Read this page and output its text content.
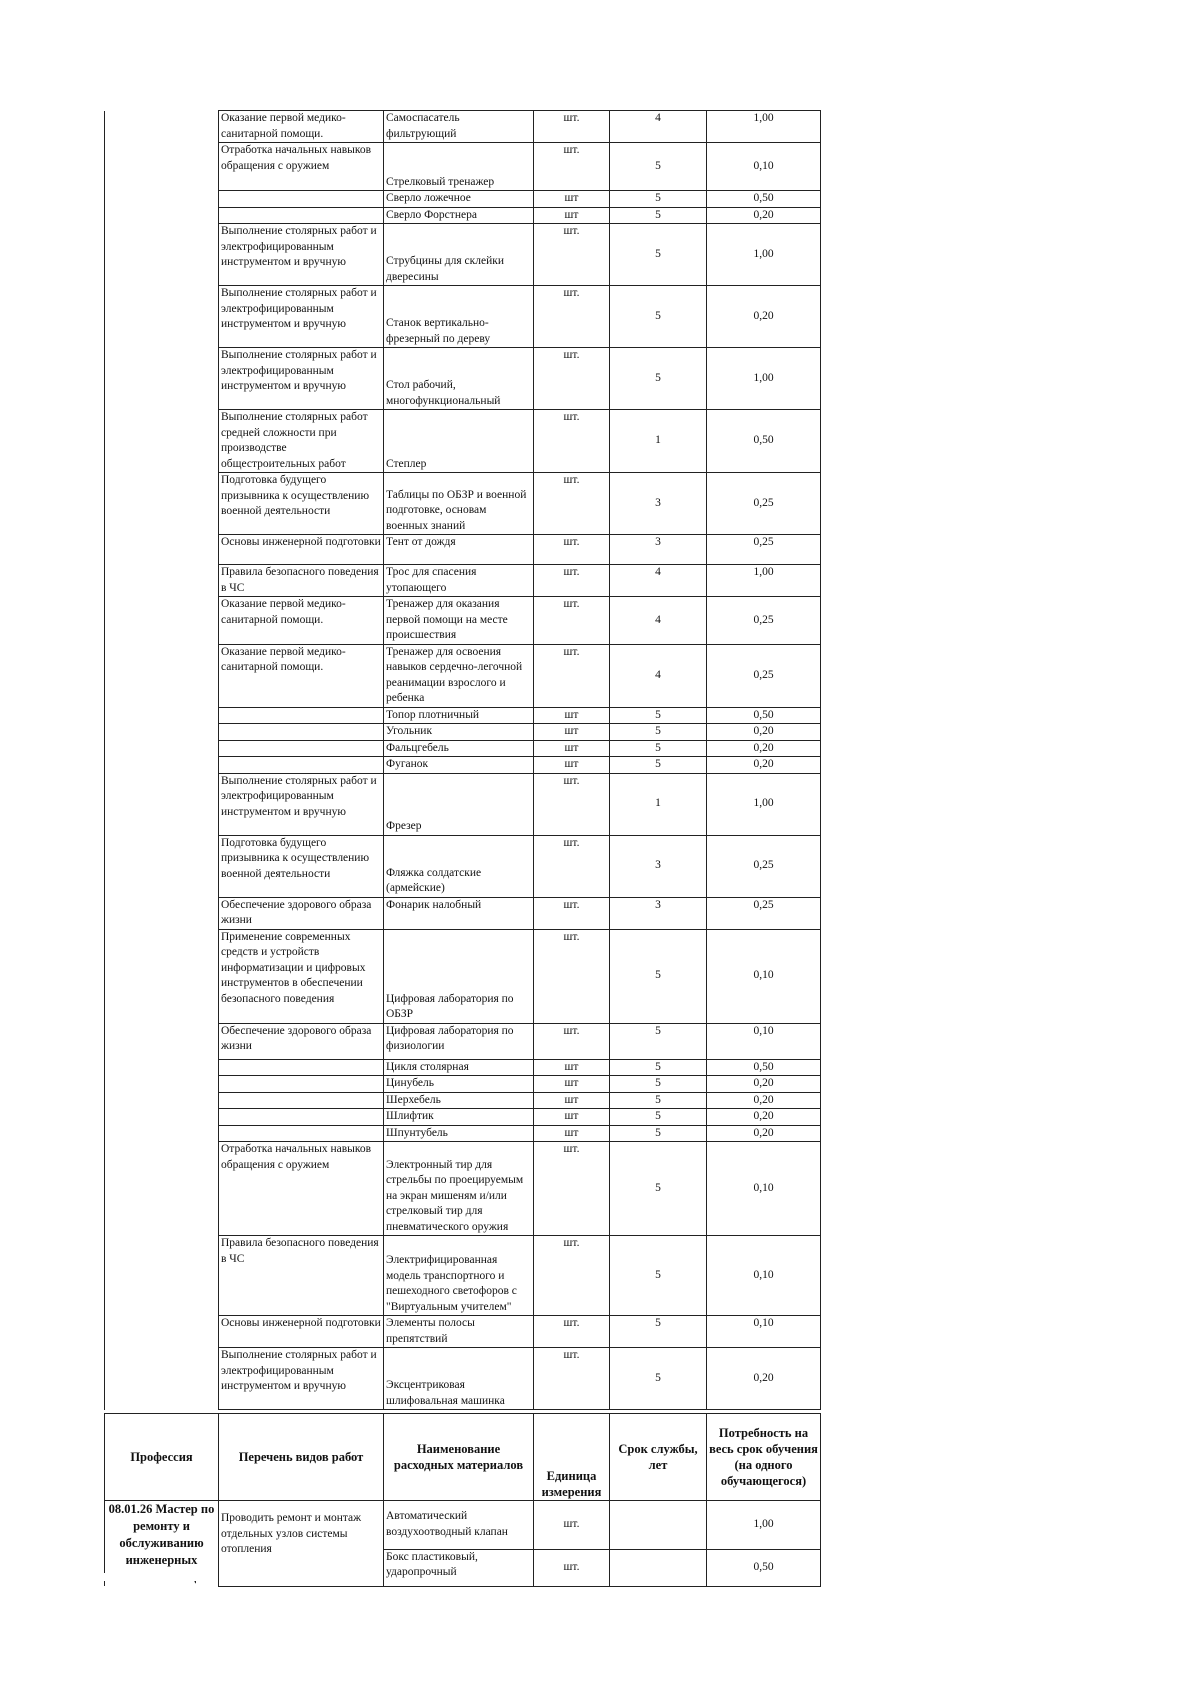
	Оказание первой медико-санитарной помощи.	Самоспасатель фильтрующий	шт.	4	1,00
	Отработка начальных навыков обращения с оружием	Стрелковый тренажер	шт.	5	0,10
		Сверло ложечное	шт	5	0,50
		Сверло Форстнера	шт	5	0,20
	Выполнение столярных работ и электрофицированным инструментом и вручную	Струбцины для склейки двересины	шт.	5	1,00
	Выполнение столярных работ и электрофицированным инструментом и вручную	Станок вертикально-фрезерный по дереву	шт.	5	0,20
	Выполнение столярных работ и электрофицированным инструментом и вручную	Стол рабочий, многофункциональный	шт.	5	1,00
	Выполнение столярных работ средней сложности при производстве общестроительных работ	Степлер	шт.	1	0,50
	Подготовка будущего призывника к осуществлению военной деятельности	Таблицы по ОБЗР и военной подготовке, основам военных знаний	шт.	3	0,25
	Основы инженерной подготовки	Тент от дождя	шт.	3	0,25
	Правила безопасного поведения в ЧС	Трос для спасения утопающего	шт.	4	1,00
	Оказание первой медико-санитарной помощи.	Тренажер для оказания первой помощи на месте происшествия	шт.	4	0,25
	Оказание первой медико-санитарной помощи.	Тренажер для освоения навыков сердечно-легочной реанимации взрослого и ребенка	шт.	4	0,25
		Топор плотничный	шт	5	0,50
		Угольник	шт	5	0,20
		Фальцгебель	шт	5	0,20
		Фуганок	шт	5	0,20
	Выполнение столярных работ и электрофицированным инструментом и вручную	Фрезер	шт.	1	1,00
	Подготовка будущего призывника к осуществлению военной деятельности	Фляжка солдатские (армейские)	шт.	3	0,25
	Обеспечение здорового образа жизни	Фонарик налобный	шт.	3	0,25
	Применение современных средств и устройств информатизации и цифровых инструментов в обеспечении безопасного поведения	Цифровая лаборатория по ОБЗР	шт.	5	0,10
	Обеспечение здорового образа жизни	Цифровая лаборатория по физиологии	шт.	5	0,10
		Цикля столярная	шт	5	0,50
		Цинубель	шт	5	0,20
		Шерхебель	шт	5	0,20
		Шлифтик	шт	5	0,20
		Шпунтубель	шт	5	0,20
	Отработка начальных навыков обращения с оружием	Электронный тир для стрельбы по проецируемым на экран мишеням и/или стрелковый тир для пневматического оружия	шт.	5	0,10
	Правила безопасного поведения в ЧС	Электрифицированная модель транспортного и пешеходного светофоров с "Виртуальным учителем"	шт.	5	0,10
	Основы инженерной подготовки	Элементы полосы препятствий	шт.	5	0,10
	Выполнение столярных работ и электрофицированным инструментом и вручную	Эксцентриковая шлифовальная машинка	шт.	5	0,20
Профессия	Перечень видов работ	Наименование расходных материалов	Единица измерения	Срок службы, лет	Потребность на весь срок обучения (на одного обучающегося)
08.01.26 Мастер по ремонту и обслуживанию инженерных	Проводить ремонт и монтаж отдельных узлов системы отопления	Автоматический воздухоотводный клапан	шт.		1,00
		Бокс пластиковый, ударопрочный	шт.		0,50
